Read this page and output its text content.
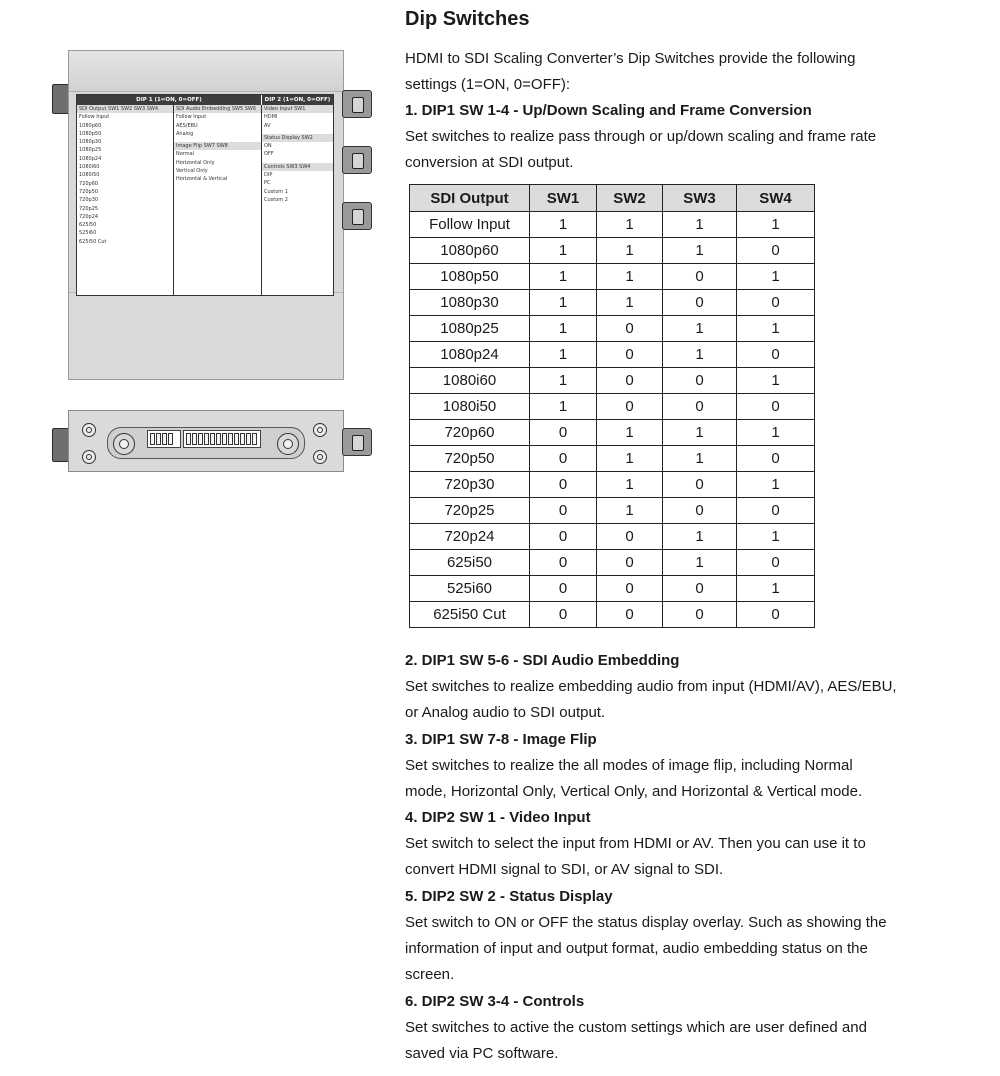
DIP 1 (1=ON, 0=OFF)	DIP 2 (1=ON, 0=OFF)
SDI Output SW1 SW2 SW3 SW4
Follow Input
1080p60
1080p50
1080p30
1080p25
1080p24
1080i60
1080i50
720p60
720p50
720p30
720p25
720p24
625i50
525i60
625i50 Cut
SDI Audio Embedding SW5 SW6
Follow Input
AES/EBU
Analog
Image Flip SW7 SW8
Normal
Horizontal Only
Vertical Only
Horizontal & Vertical
Video Input SW1
HDMI
AV
Status Display SW2
ON
OFF
Controls SW3 SW4
DIP
PC
Custom 1
Custom 2
Dip Switches

HDMI to SDI Scaling Converter’s Dip Switches provide the following

settings (1=ON, 0=OFF):

1. DIP1 SW 1-4 - Up/Down Scaling and Frame Conversion

Set switches to realize pass through or up/down scaling and frame rate

conversion at SDI output.

SDI Output	SW1	SW2	SW3	SW4
Follow Input	1	1	1	1
1080p60	1	1	1	0
1080p50	1	1	0	1
1080p30	1	1	0	0
1080p25	1	0	1	1
1080p24	1	0	1	0
1080i60	1	0	0	1
1080i50	1	0	0	0
720p60	0	1	1	1
720p50	0	1	1	0
720p30	0	1	0	1
720p25	0	1	0	0
720p24	0	0	1	1
625i50	0	0	1	0
525i60	0	0	0	1
625i50 Cut	0	0	0	0

2. DIP1 SW 5-6 - SDI Audio Embedding

Set switches to realize embedding audio from input (HDMI/AV), AES/EBU,

or Analog audio to SDI output.

3. DIP1 SW 7-8 - Image Flip

Set switches to realize the all modes of image flip, including Normal

mode, Horizontal Only, Vertical Only, and Horizontal & Vertical mode.

4. DIP2 SW 1 - Video Input

Set switch to select the input from HDMI or AV. Then you can use it to

convert HDMI signal to SDI, or AV signal to SDI.

5. DIP2 SW 2 - Status Display

Set switch to ON or OFF the status display overlay. Such as showing the

information of input and output format, audio embedding status on the

screen.

6. DIP2 SW 3-4 - Controls

Set switches to active the custom settings which are user defined and

saved via PC software.
